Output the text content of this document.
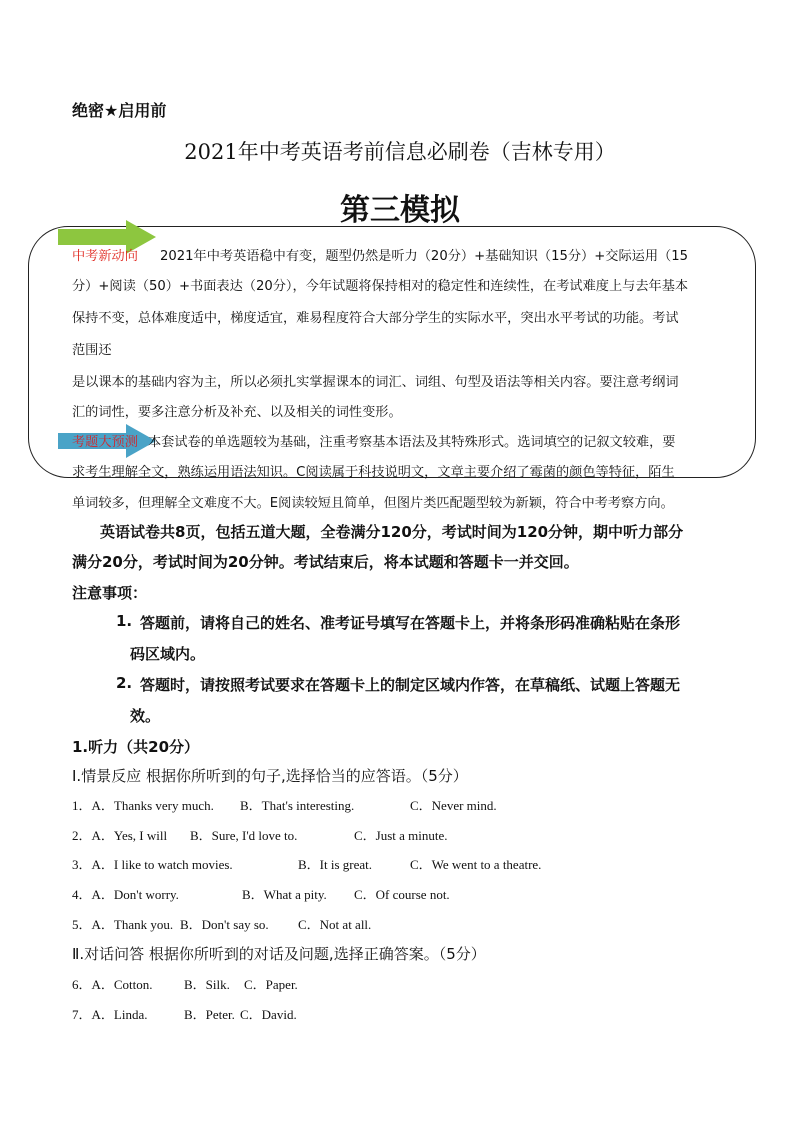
绝密★启用前
2021年中考英语考前信息必刷卷（吉林专用）
第三模拟
中考新动向 2021年中考英语稳中有变，题型仍然是听力（20分）+基础知识（15分）+交际运用（15
分）+阅读（50）+书面表达（20分），今年试题将保持相对的稳定性和连续性，在考试难度上与去年基本
保持不变，总体难度适中，梯度适宜，难易程度符合大部分学生的实际水平，突出水平考试的功能。考试
范围还
是以课本的基础内容为主，所以必须扎实掌握课本的词汇、词组、句型及语法等相关内容。要注意考纲词
汇的词性，要多注意分析及补充、以及相关的词性变形。
考题大预测 本套试卷的单选题较为基础，注重考察基本语法及其特殊形式。选词填空的记叙文较难，要
求考生理解全文，熟练运用语法知识。C阅读属于科技说明文，文章主要介绍了霉菌的颜色等特征，陌生
单词较多，但理解全文难度不大。E阅读较短且简单，但图片类匹配题型较为新颖，符合中考考察方向。
英语试卷共8页，包括五道大题，全卷满分120分，考试时间为120分钟，期中听力部分
满分20分，考试时间为20分钟。考试结束后，将本试题和答题卡一并交回。
注意事项：
1. 答题前，请将自己的姓名、准考证号填写在答题卡上，并将条形码准确粘贴在条形
码区域内。
2. 答题时，请按照考试要求在答题卡上的制定区域内作答，在草稿纸、试题上答题无
效。
1.听力（共20分）
Ⅰ.情景反应 根据你所听到的句子,选择恰当的应答语。（5分）
1．A．Thanks very much. B．That's interesting.	C．Never mind.
2．A．Yes, I will B．Sure, I'd love to.	C．Just a minute.
3．A．I like to watch movies.	B．It is great.	C．We went to a theatre.
4．A．Don't worry.	B．What a pity. C．Of course not.
5．A．Thank you. B．Don't say so. C．Not at all.
Ⅱ.对话问答 根据你所听到的对话及问题,选择正确答案。（5分）
6．A．Cotton. B．Silk. C．Paper.
7．A．Linda.	B．Peter. C．David.
